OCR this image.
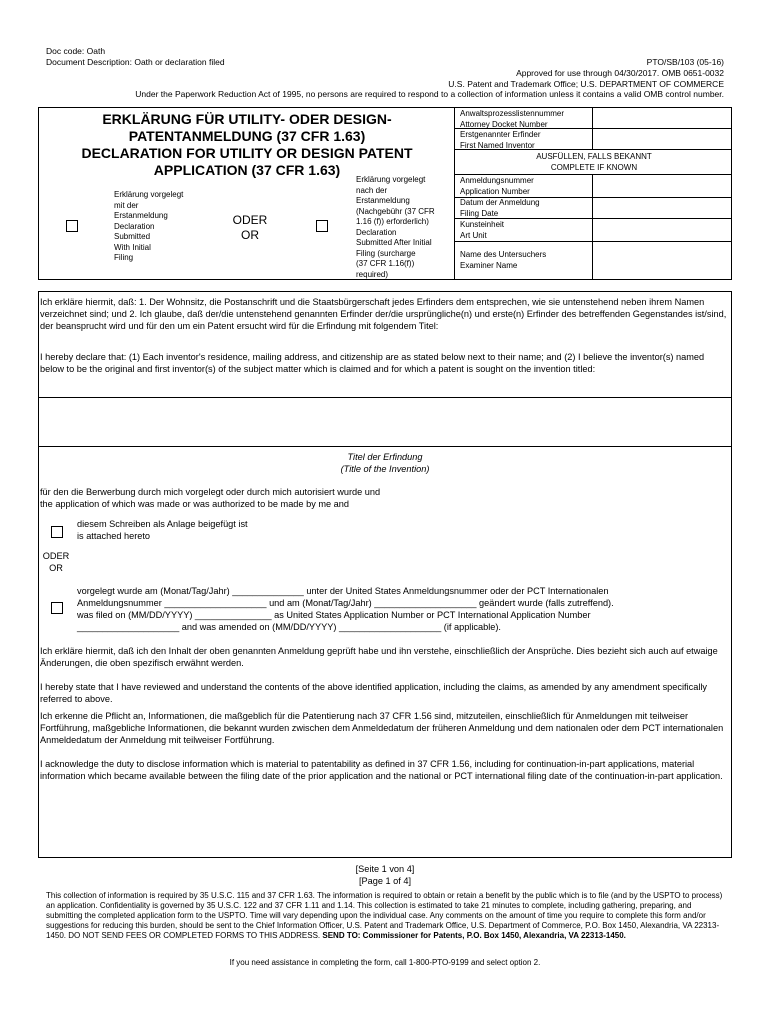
Doc code: Oath
Document Description: Oath or declaration filed	PTO/SB/103 (05-16)
Approved for use through 04/30/2017. OMB 0651-0032
U.S. Patent and Trademark Office; U.S. DEPARTMENT OF COMMERCE
Under the Paperwork Reduction Act of 1995, no persons are required to respond to a collection of information unless it contains a valid OMB control number.
ERKLÄRUNG FÜR UTILITY- ODER DESIGN-
PATENTANMELDUNG (37 CFR 1.63)
DECLARATION FOR UTILITY OR DESIGN PATENT
APPLICATION (37 CFR 1.63)
Erklärung vorgelegt
mit der
Erstanmeldung
Declaration
Submitted
With Initial
Filing
ODER
OR
Erklärung vorgelegt
nach der
Erstanmeldung
(Nachgebühr (37 CFR
1.16 (f)) erforderlich)
Declaration
Submitted After Initial
Filing (surcharge
(37 CFR 1.16(f))
required)
Anwaltsprozesslistennummer
Attorney Docket Number
Erstgenannter Erfinder
First Named Inventor
AUSFÜLLEN, FALLS BEKANNT
COMPLETE IF KNOWN
Anmeldungsnummer
Application Number
Datum der Anmeldung
Filing Date
Kunsteinheit
Art Unit
Name des Untersuchers
Examiner Name
Ich erkläre hiermit, daß: 1. Der Wohnsitz, die Postanschrift und die Staatsbürgerschaft jedes Erfinders dem entsprechen, wie sie untenstehend neben ihrem Namen verzeichnet sind; und 2. Ich glaube, daß der/die untenstehend genannten Erfinder der/die ursprüngliche(n) und erste(n) Erfinder des betreffenden Gegenstandes ist/sind, der beansprucht wird und für den um ein Patent ersucht wird für die Erfindung mit folgendem Titel:
I hereby declare that: (1) Each inventor's residence, mailing address, and citizenship are as stated below next to their name; and (2) I believe the inventor(s) named below to be the original and first inventor(s) of the subject matter which is claimed and for which a patent is sought on the invention titled:
Titel der Erfindung
(Title of the Invention)
für den die Berwerbung durch mich vorgelegt oder durch mich autorisiert wurde und
the application of which was made or was authorized to be made by me and
diesem Schreiben als Anlage beigefügt ist
is attached hereto
ODER
OR
vorgelegt wurde am (Monat/Tag/Jahr) ______________ unter der United States Anmeldungsnummer oder der PCT Internationalen
Anmeldungsnummer ____________________ und am (Monat/Tag/Jahr) ____________________ geändert wurde (falls zutreffend).
was filed on (MM/DD/YYYY) _______________ as United States Application Number or PCT International Application Number
____________________ and was amended on (MM/DD/YYYY) ____________________ (if applicable).
Ich erkläre hiermit, daß ich den Inhalt der oben genannten Anmeldung geprüft habe und ihn verstehe, einschließlich der Ansprüche. Dies bezieht sich auch auf etwaige Änderungen, die oben spezifisch erwähnt werden.
I hereby state that I have reviewed and understand the contents of the above identified application, including the claims, as amended by any amendment specifically referred to above.
Ich erkenne die Pflicht an, Informationen, die maßgeblich für die Patentierung nach 37 CFR 1.56 sind, mitzuteilen, einschließlich für Anmeldungen mit teilweiser Fortführung, maßgebliche Informationen, die bekannt wurden zwischen dem Anmeldedatum der früheren Anmeldung und dem nationalen oder dem PCT internationalen Anmeldedatum der Anmeldung mit teilweiser Fortführung.
I acknowledge the duty to disclose information which is material to patentability as defined in 37 CFR 1.56, including for continuation-in-part applications, material information which became available between the filing date of the prior application and the national or PCT international filing date of the continuation-in-part application.
[Seite 1 von 4]
[Page 1 of 4]
This collection of information is required by 35 U.S.C. 115 and 37 CFR 1.63. The information is required to obtain or retain a benefit by the public which is to file (and by the USPTO to process) an application. Confidentiality is governed by 35 U.S.C. 122 and 37 CFR 1.11 and 1.14. This collection is estimated to take 21 minutes to complete, including gathering, preparing, and submitting the completed application form to the USPTO. Time will vary depending upon the individual case. Any comments on the amount of time you require to complete this form and/or suggestions for reducing this burden, should be sent to the Chief Information Officer, U.S. Patent and Trademark Office, U.S. Department of Commerce, P.O. Box 1450, Alexandria, VA 22313-1450. DO NOT SEND FEES OR COMPLETED FORMS TO THIS ADDRESS. SEND TO: Commissioner for Patents, P.O. Box 1450, Alexandria, VA 22313-1450.
If you need assistance in completing the form, call 1-800-PTO-9199 and select option 2.
